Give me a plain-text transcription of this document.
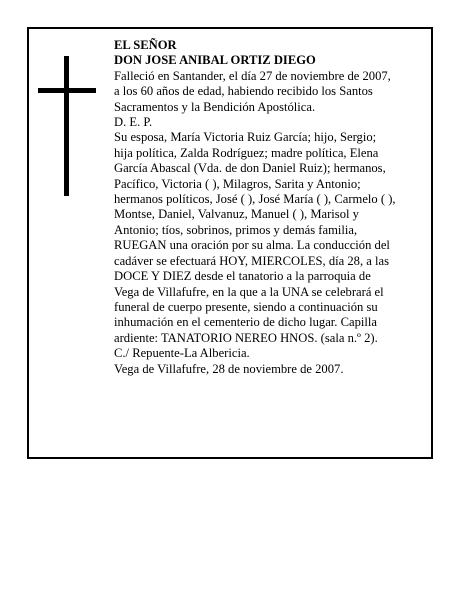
EL SEÑOR
DON JOSE ANIBAL ORTIZ DIEGO
Falleció en Santander, el día 27 de noviembre de 2007,
a los 60 años de edad, habiendo recibido los Santos
Sacramentos y la Bendición Apostólica.
D. E. P.
Su esposa, María Victoria Ruiz García; hijo, Sergio;
hija política, Zalda Rodríguez; madre política, Elena
García Abascal (Vda. de don Daniel Ruiz); hermanos,
Pacífico, Victoria ( ), Milagros, Sarita y Antonio;
hermanos políticos, José ( ), José María ( ), Carmelo ( ),
Montse, Daniel, Valvanuz, Manuel ( ), Marisol y
Antonio; tíos, sobrinos, primos y demás familia,
RUEGAN una oración por su alma. La conducción del
cadáver se efectuará HOY, MIERCOLES, día 28, a las
DOCE Y DIEZ desde el tanatorio a la parroquia de
Vega de Villafufre, en la que a la UNA se celebrará el
funeral de cuerpo presente, siendo a continuación su
inhumación en el cementerio de dicho lugar. Capilla
ardiente: TANATORIO NEREO HNOS. (sala n.º 2).
C./ Repuente-La Albericia.
Vega de Villafufre, 28 de noviembre de 2007.
